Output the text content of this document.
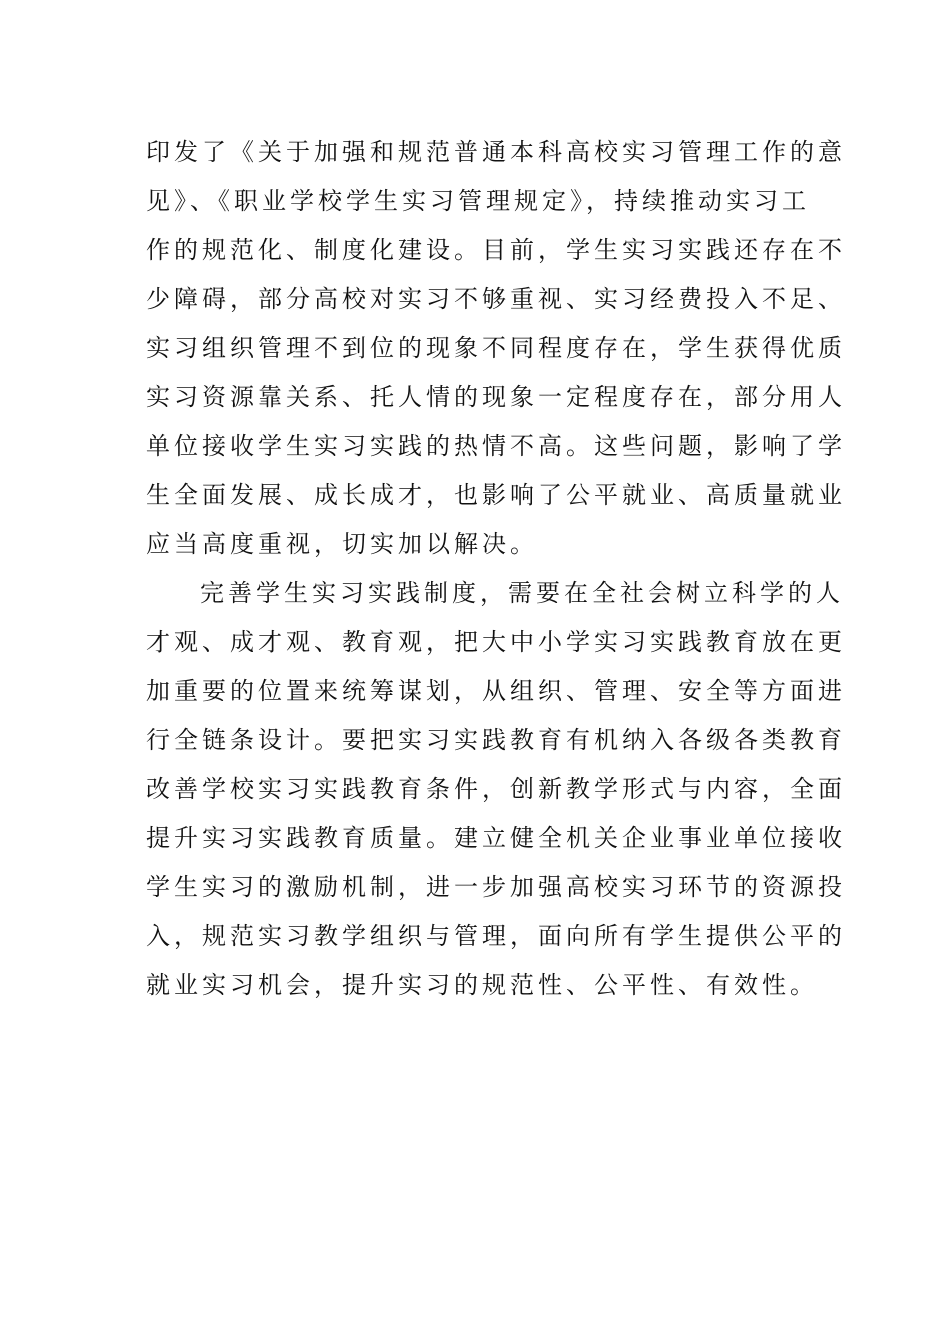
印发了《关于加强和规范普通本科高校实习管理工作的意
见》、《职业学校学生实习管理规定》，持续推动实习工
作的规范化、制度化建设。目前，学生实习实践还存在不
少障碍，部分高校对实习不够重视、实习经费投入不足、
实习组织管理不到位的现象不同程度存在，学生获得优质
实习资源靠关系、托人情的现象一定程度存在，部分用人
单位接收学生实习实践的热情不高。这些问题，影响了学
生全面发展、成长成才，也影响了公平就业、高质量就业
应当高度重视，切实加以解决。
完善学生实习实践制度，需要在全社会树立科学的人
才观、成才观、教育观，把大中小学实习实践教育放在更
加重要的位置来统筹谋划，从组织、管理、安全等方面进
行全链条设计。要把实习实践教育有机纳入各级各类教育
改善学校实习实践教育条件，创新教学形式与内容，全面
提升实习实践教育质量。建立健全机关企业事业单位接收
学生实习的激励机制，进一步加强高校实习环节的资源投
入，规范实习教学组织与管理，面向所有学生提供公平的
就业实习机会，提升实习的规范性、公平性、有效性。
